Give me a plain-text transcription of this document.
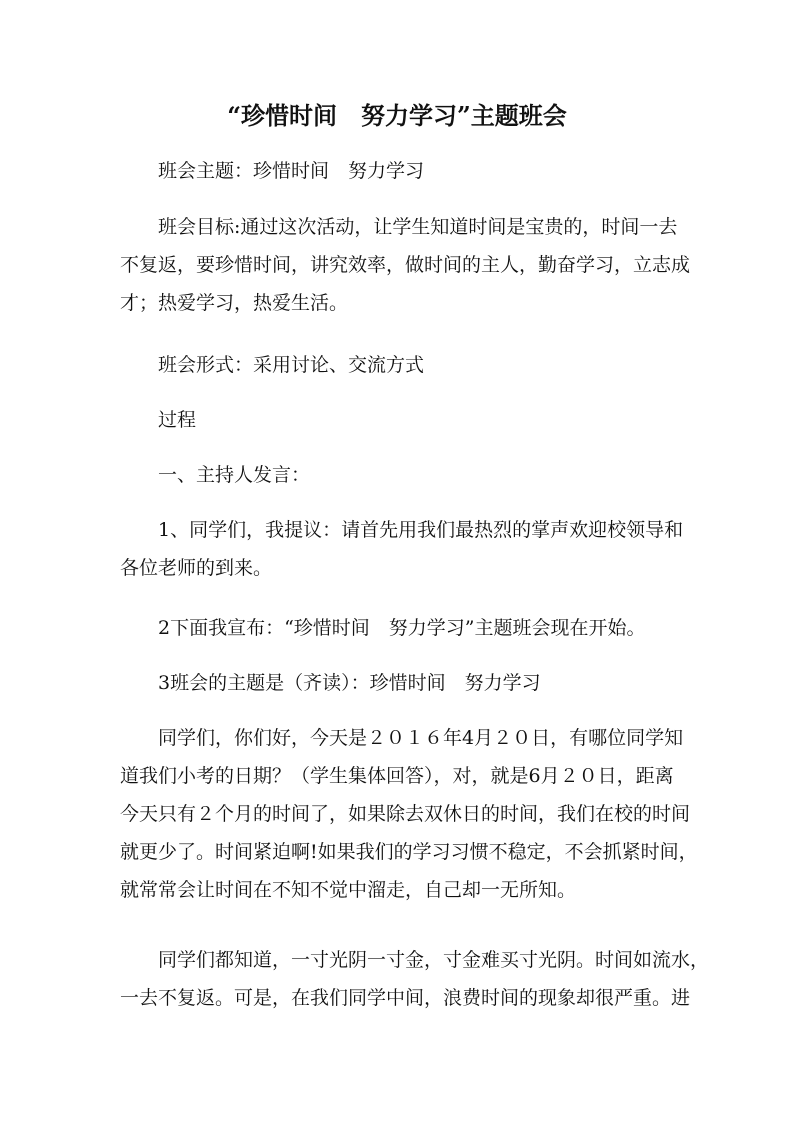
“珍惜时间　努力学习”主题班会
班会主题：珍惜时间　努力学习
班会目标:通过这次活动，让学生知道时间是宝贵的，时间一去
不复返，要珍惜时间，讲究效率，做时间的主人，勤奋学习，立志成
才；热爱学习，热爱生活。
班会形式：采用讨论、交流方式
过程
一、主持人发言：
1、同学们，我提议：请首先用我们最热烈的掌声欢迎校领导和
各位老师的到来。
2下面我宣布：“珍惜时间　努力学习”主题班会现在开始。
3班会的主题是（齐读）：珍惜时间　努力学习
同学们，你们好，今天是２０１６年4月２０日，有哪位同学知
道我们小考的日期？（学生集体回答），对，就是6月２０日，距离
今天只有２个月的时间了，如果除去双休日的时间，我们在校的时间
就更少了。时间紧迫啊!如果我们的学习习惯不稳定，不会抓紧时间，
就常常会让时间在不知不觉中溜走，自己却一无所知。
同学们都知道，一寸光阴一寸金，寸金难买寸光阴。时间如流水，
一去不复返。可是，在我们同学中间，浪费时间的现象却很严重。进
